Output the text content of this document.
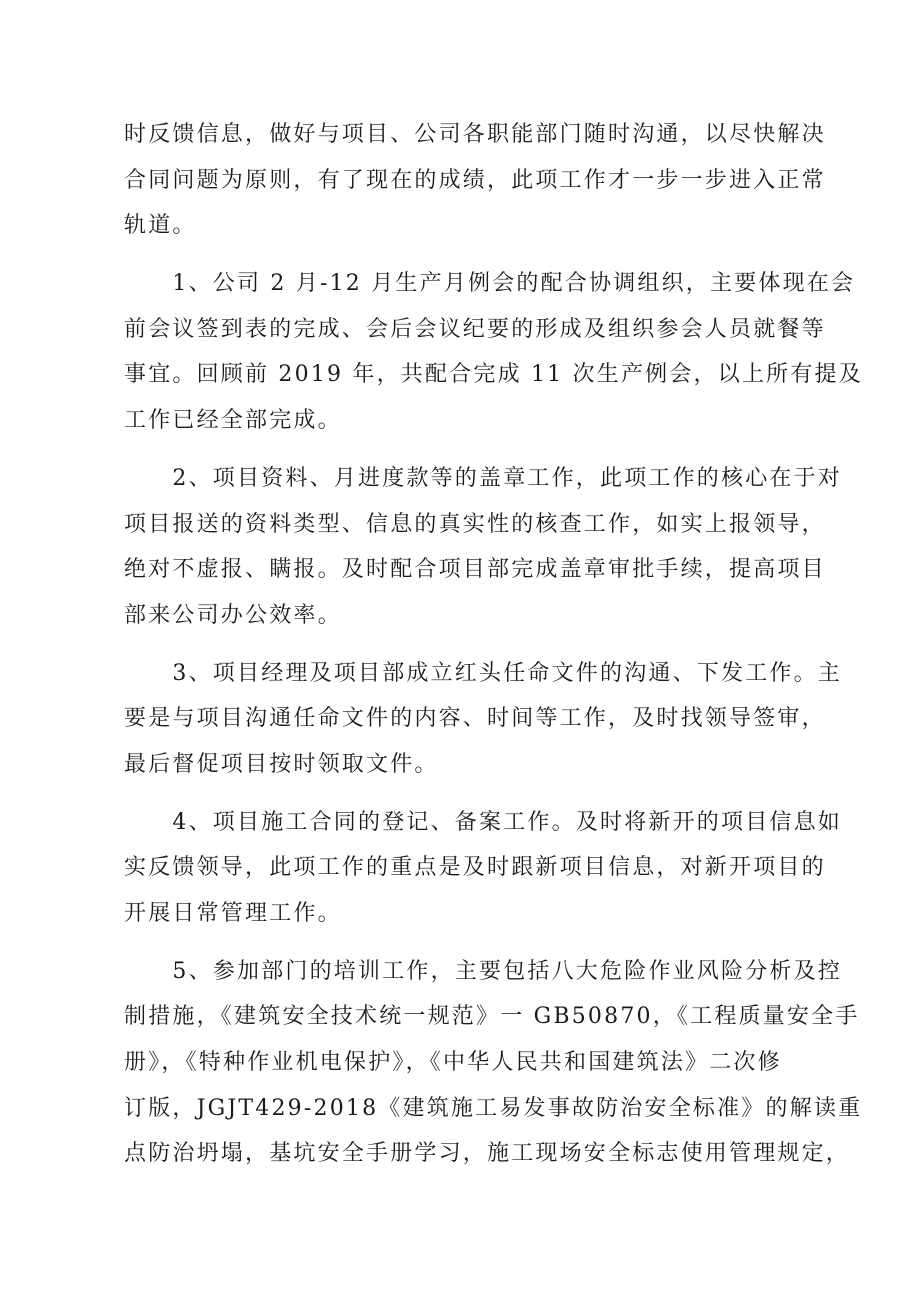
时反馈信息，做好与项目、公司各职能部门随时沟通，以尽快解决
合同问题为原则，有了现在的成绩，此项工作才一步一步进入正常
轨道。
　　1、公司 2 月-12 月生产月例会的配合协调组织，主要体现在会
前会议签到表的完成、会后会议纪要的形成及组织参会人员就餐等
事宜。回顾前 2019 年，共配合完成 11 次生产例会，以上所有提及
工作已经全部完成。
　　2、项目资料、月进度款等的盖章工作，此项工作的核心在于对
项目报送的资料类型、信息的真实性的核查工作，如实上报领导，
绝对不虚报、瞒报。及时配合项目部完成盖章审批手续，提高项目
部来公司办公效率。
　　3、项目经理及项目部成立红头任命文件的沟通、下发工作。主
要是与项目沟通任命文件的内容、时间等工作，及时找领导签审，
最后督促项目按时领取文件。
　　4、项目施工合同的登记、备案工作。及时将新开的项目信息如
实反馈领导，此项工作的重点是及时跟新项目信息，对新开项目的
开展日常管理工作。
　　5、参加部门的培训工作，主要包括八大危险作业风险分析及控
制措施，《建筑安全技术统一规范》一 GB50870，《工程质量安全手
册》，《特种作业机电保护》，《中华人民共和国建筑法》二次修
订版，JGJT429-2018《建筑施工易发事故防治安全标准》的解读重
点防治坍塌，基坑安全手册学习，施工现场安全标志使用管理规定，
